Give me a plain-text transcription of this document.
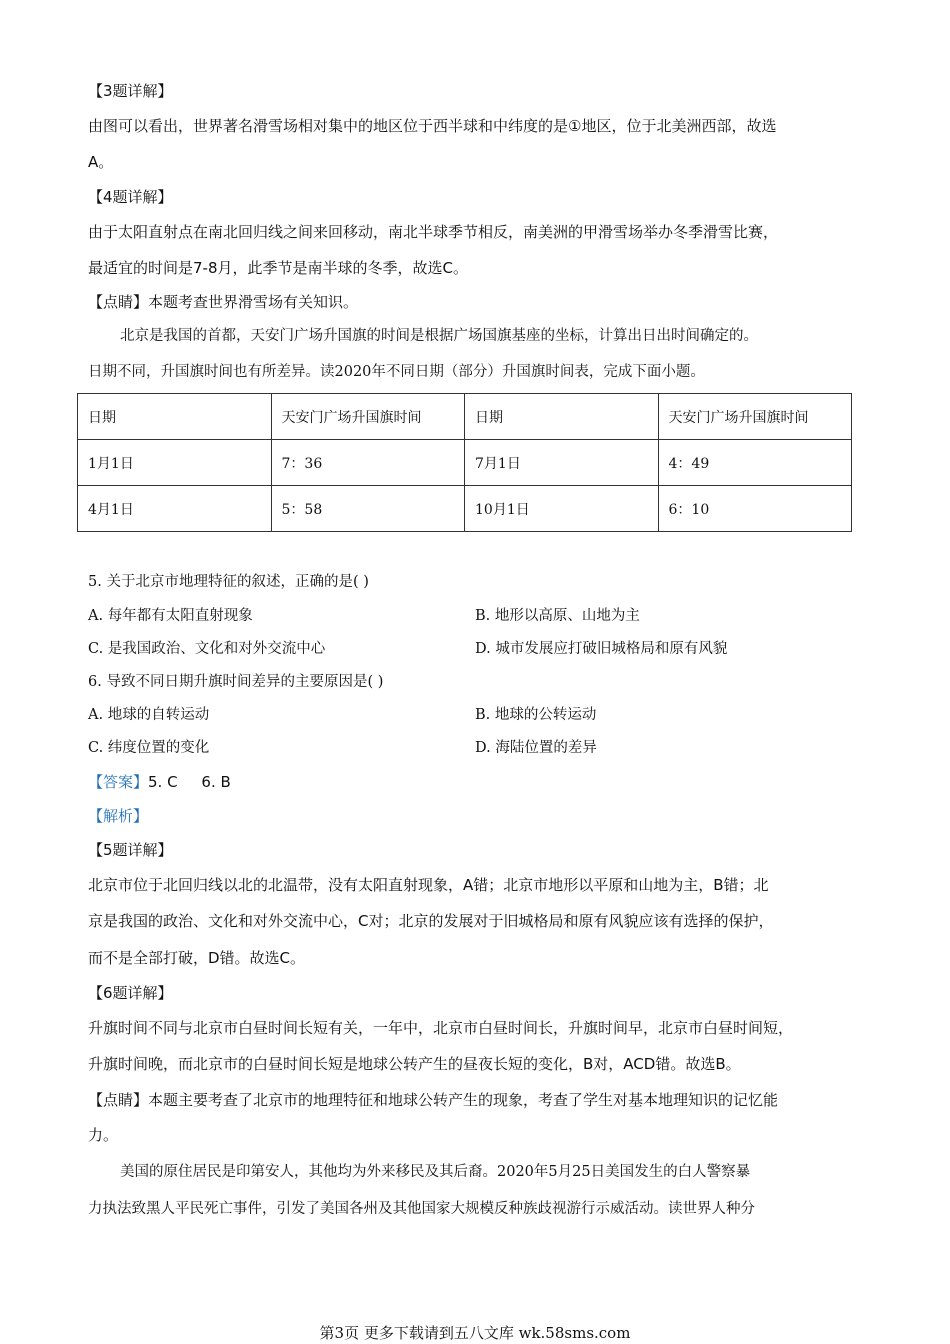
【3题详解】
由图可以看出，世界著名滑雪场相对集中的地区位于西半球和中纬度的是①地区，位于北美洲西部，故选
A。
【4题详解】
由于太阳直射点在南北回归线之间来回移动，南北半球季节相反，南美洲的甲滑雪场举办冬季滑雪比赛，
最适宜的时间是7-8月，此季节是南半球的冬季，故选C。
【点睛】本题考查世界滑雪场有关知识。
北京是我国的首都，天安门广场升国旗的时间是根据广场国旗基座的坐标，计算出日出时间确定的。
日期不同，升国旗时间也有所差异。读2020年不同日期（部分）升国旗时间表，完成下面小题。
日期	天安门广场升国旗时间	日期	天安门广场升国旗时间
1月1日	7：36	7月1日	4：49
4月1日	5：58	10月1日	6：10
5. 关于北京市地理特征的叙述，正确的是( )
A. 每年都有太阳直射现象	B. 地形以高原、山地为主
C. 是我国政治、文化和对外交流中心	D. 城市发展应打破旧城格局和原有风貌
6. 导致不同日期升旗时间差异的主要原因是( )
A. 地球的自转运动	B. 地球的公转运动
C. 纬度位置的变化	D. 海陆位置的差异
【答案】5. C     6. B
【解析】
【5题详解】
北京市位于北回归线以北的北温带，没有太阳直射现象，A错；北京市地形以平原和山地为主，B错；北
京是我国的政治、文化和对外交流中心，C对；北京的发展对于旧城格局和原有风貌应该有选择的保护，
而不是全部打破，D错。故选C。
【6题详解】
升旗时间不同与北京市白昼时间长短有关，一年中，北京市白昼时间长，升旗时间早，北京市白昼时间短，
升旗时间晚，而北京市的白昼时间长短是地球公转产生的昼夜长短的变化，B对，ACD错。故选B。
【点睛】本题主要考查了北京市的地理特征和地球公转产生的现象，考查了学生对基本地理知识的记忆能
力。
美国的原住居民是印第安人，其他均为外来移民及其后裔。2020年5月25日美国发生的白人警察暴
力执法致黑人平民死亡事件，引发了美国各州及其他国家大规模反种族歧视游行示威活动。读世界人种分
第3页 更多下载请到五八文库 wk.58sms.com
